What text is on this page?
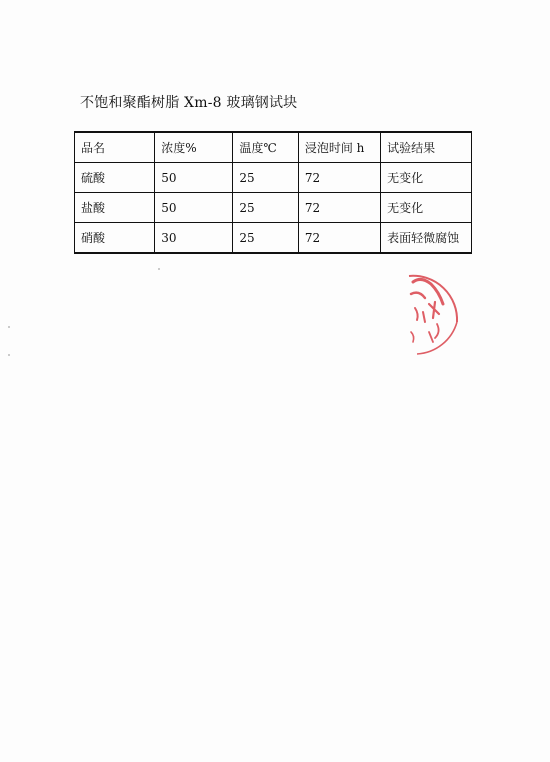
不饱和聚酯树脂 Xm-8 玻璃钢试块
品名	浓度%	温度℃	浸泡时间 h	试验结果
硫酸	50	25	72	无变化
盐酸	50	25	72	无变化
硝酸	30	25	72	表面轻微腐蚀
